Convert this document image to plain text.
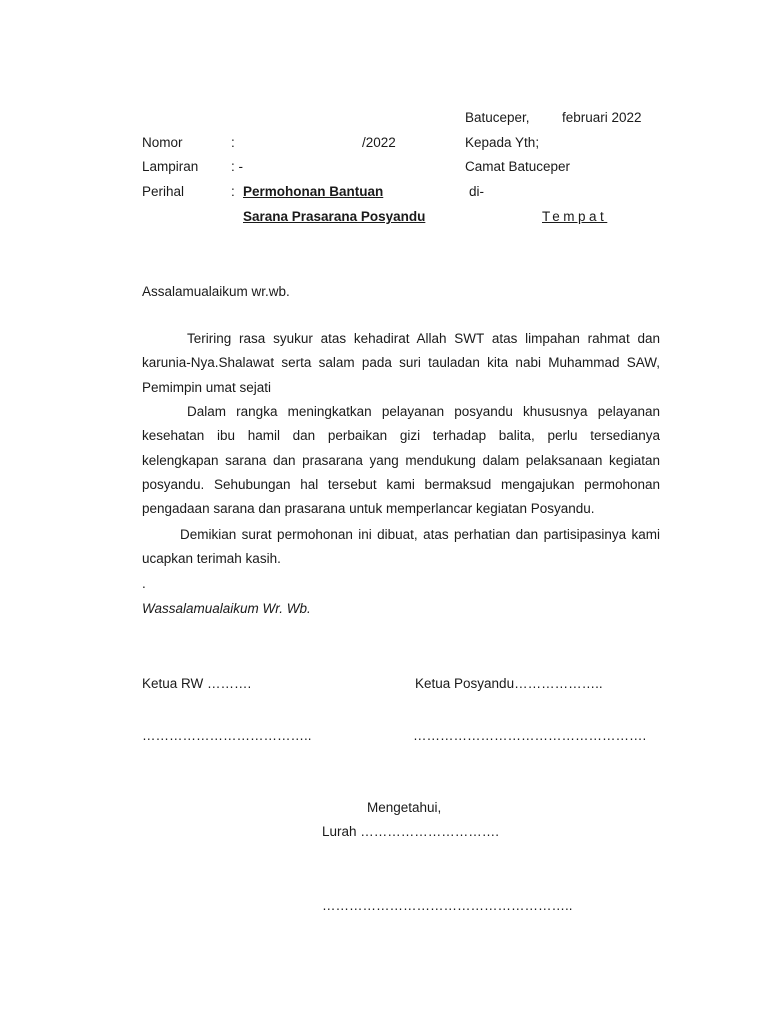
Batuceper, februari 2022
Nomor	:	/2022	Kepada Yth;
Lampiran : -	Camat Batuceper
Perihal	: Permohonan Bantuan	di-
Sarana Prasarana Posyandu	Tempat
Assalamualaikum wr.wb.
Teriring rasa syukur atas kehadirat Allah SWT atas limpahan rahmat dan
karunia-Nya.Shalawat serta salam pada suri tauladan kita nabi Muhammad SAW,
Pemimpin umat sejati
Dalam rangka meningkatkan pelayanan posyandu khususnya pelayanan
kesehatan ibu hamil dan perbaikan gizi terhadap balita, perlu tersedianya
kelengkapan sarana dan prasarana yang mendukung dalam pelaksanaan kegiatan
posyandu. Sehubungan hal tersebut kami bermaksud mengajukan permohonan
pengadaan sarana dan prasarana untuk memperlancar kegiatan Posyandu.
Demikian surat permohonan ini dibuat, atas perhatian dan partisipasinya kami
ucapkan terimah kasih.
.
Wassalamualaikum Wr. Wb.
Ketua RW ……….	Ketua Posyandu………………..
………………………………..	…………………………………………….
Mengetahui,
Lurah ………………………….
………………………………………………..
